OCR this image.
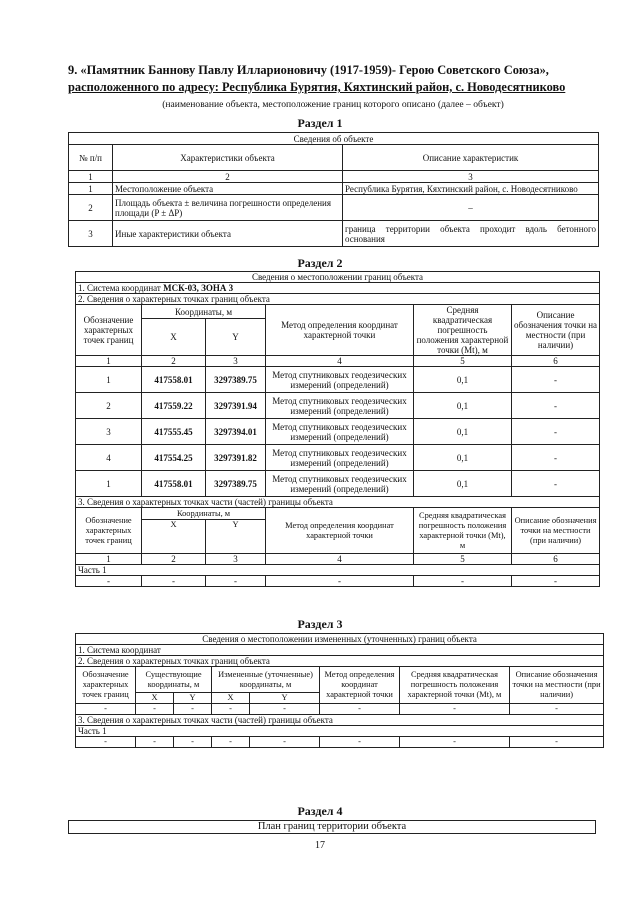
9. «Памятник Баннову Павлу Илларионовичу (1917-1959)- Герою Советского Союза»,
расположенного по адресу: Республика Бурятия, Кяхтинский район, с. Новодесятниково
(наименование объекта, местоположение границ которого описано (далее – объект)
Раздел 1
Сведения об объекте		
№ п/п	Характеристики объекта	Описание характеристик
1	2	3
1	Местоположение объекта	Республика Бурятия, Кяхтинский район, с. Новодесятниково
2	Площадь объекта ± величина погрешности определения площади (P ± ΔP)	–
3	Иные характеристики объекта	граница территории объекта проходит вдоль бетонного основания
Раздел 2
Сведения о местоположении границ объекта					
1. Система координат МСК-03, ЗОНА 3					
2. Сведения о характерных точках границ объекта					
Обозначение характерных точек границ	Координаты, м		Метод определения координат характерной точки	Средняя квадратическая погрешность положения характерной точки (Mt), м	Описание обозначения точки на местности (при наличии)
	X	Y			
1	2	3	4	5	6
1	417558.01	3297389.75	Метод спутниковых геодезических измерений (определений)	0,1	-
2	417559.22	3297391.94	Метод спутниковых геодезических измерений (определений)	0,1	-
3	417555.45	3297394.01	Метод спутниковых геодезических измерений (определений)	0,1	-
4	417554.25	3297391.82	Метод спутниковых геодезических измерений (определений)	0,1	-
1	417558.01	3297389.75	Метод спутниковых геодезических измерений (определений)	0,1	-
3. Сведения о характерных точках части (частей) границы объекта					
Обозначение характерных точек границ	Координаты, м		Метод определения координат характерной точки	Средняя квадратическая погрешность положения характерной точки (Mt), м	Описание обозначения точки на местности (при наличии)
	X	Y			
1	2	3	4	5	6
Часть 1					
-	-	-	-	-	-
Раздел 3
Сведения о местоположении измененных (уточненных) границ объекта							
1. Система координат							
2. Сведения о характерных точках границ объекта							
Обозначение характерных точек границ	Существующие координаты, м		Измененные (уточненные) координаты, м		Метод определения координат характерной точки	Средняя квадратическая погрешность положения характерной точки (Mt), м	Описание обозначения точки на местности (при наличии)
	X	Y	X	Y			
-	-	-	-	-	-	-	-
3. Сведения о характерных точках части (частей) границы объекта							
Часть 1							
-	-	-	-	-	-	-	-
Раздел 4
План границ территории объекта
17
